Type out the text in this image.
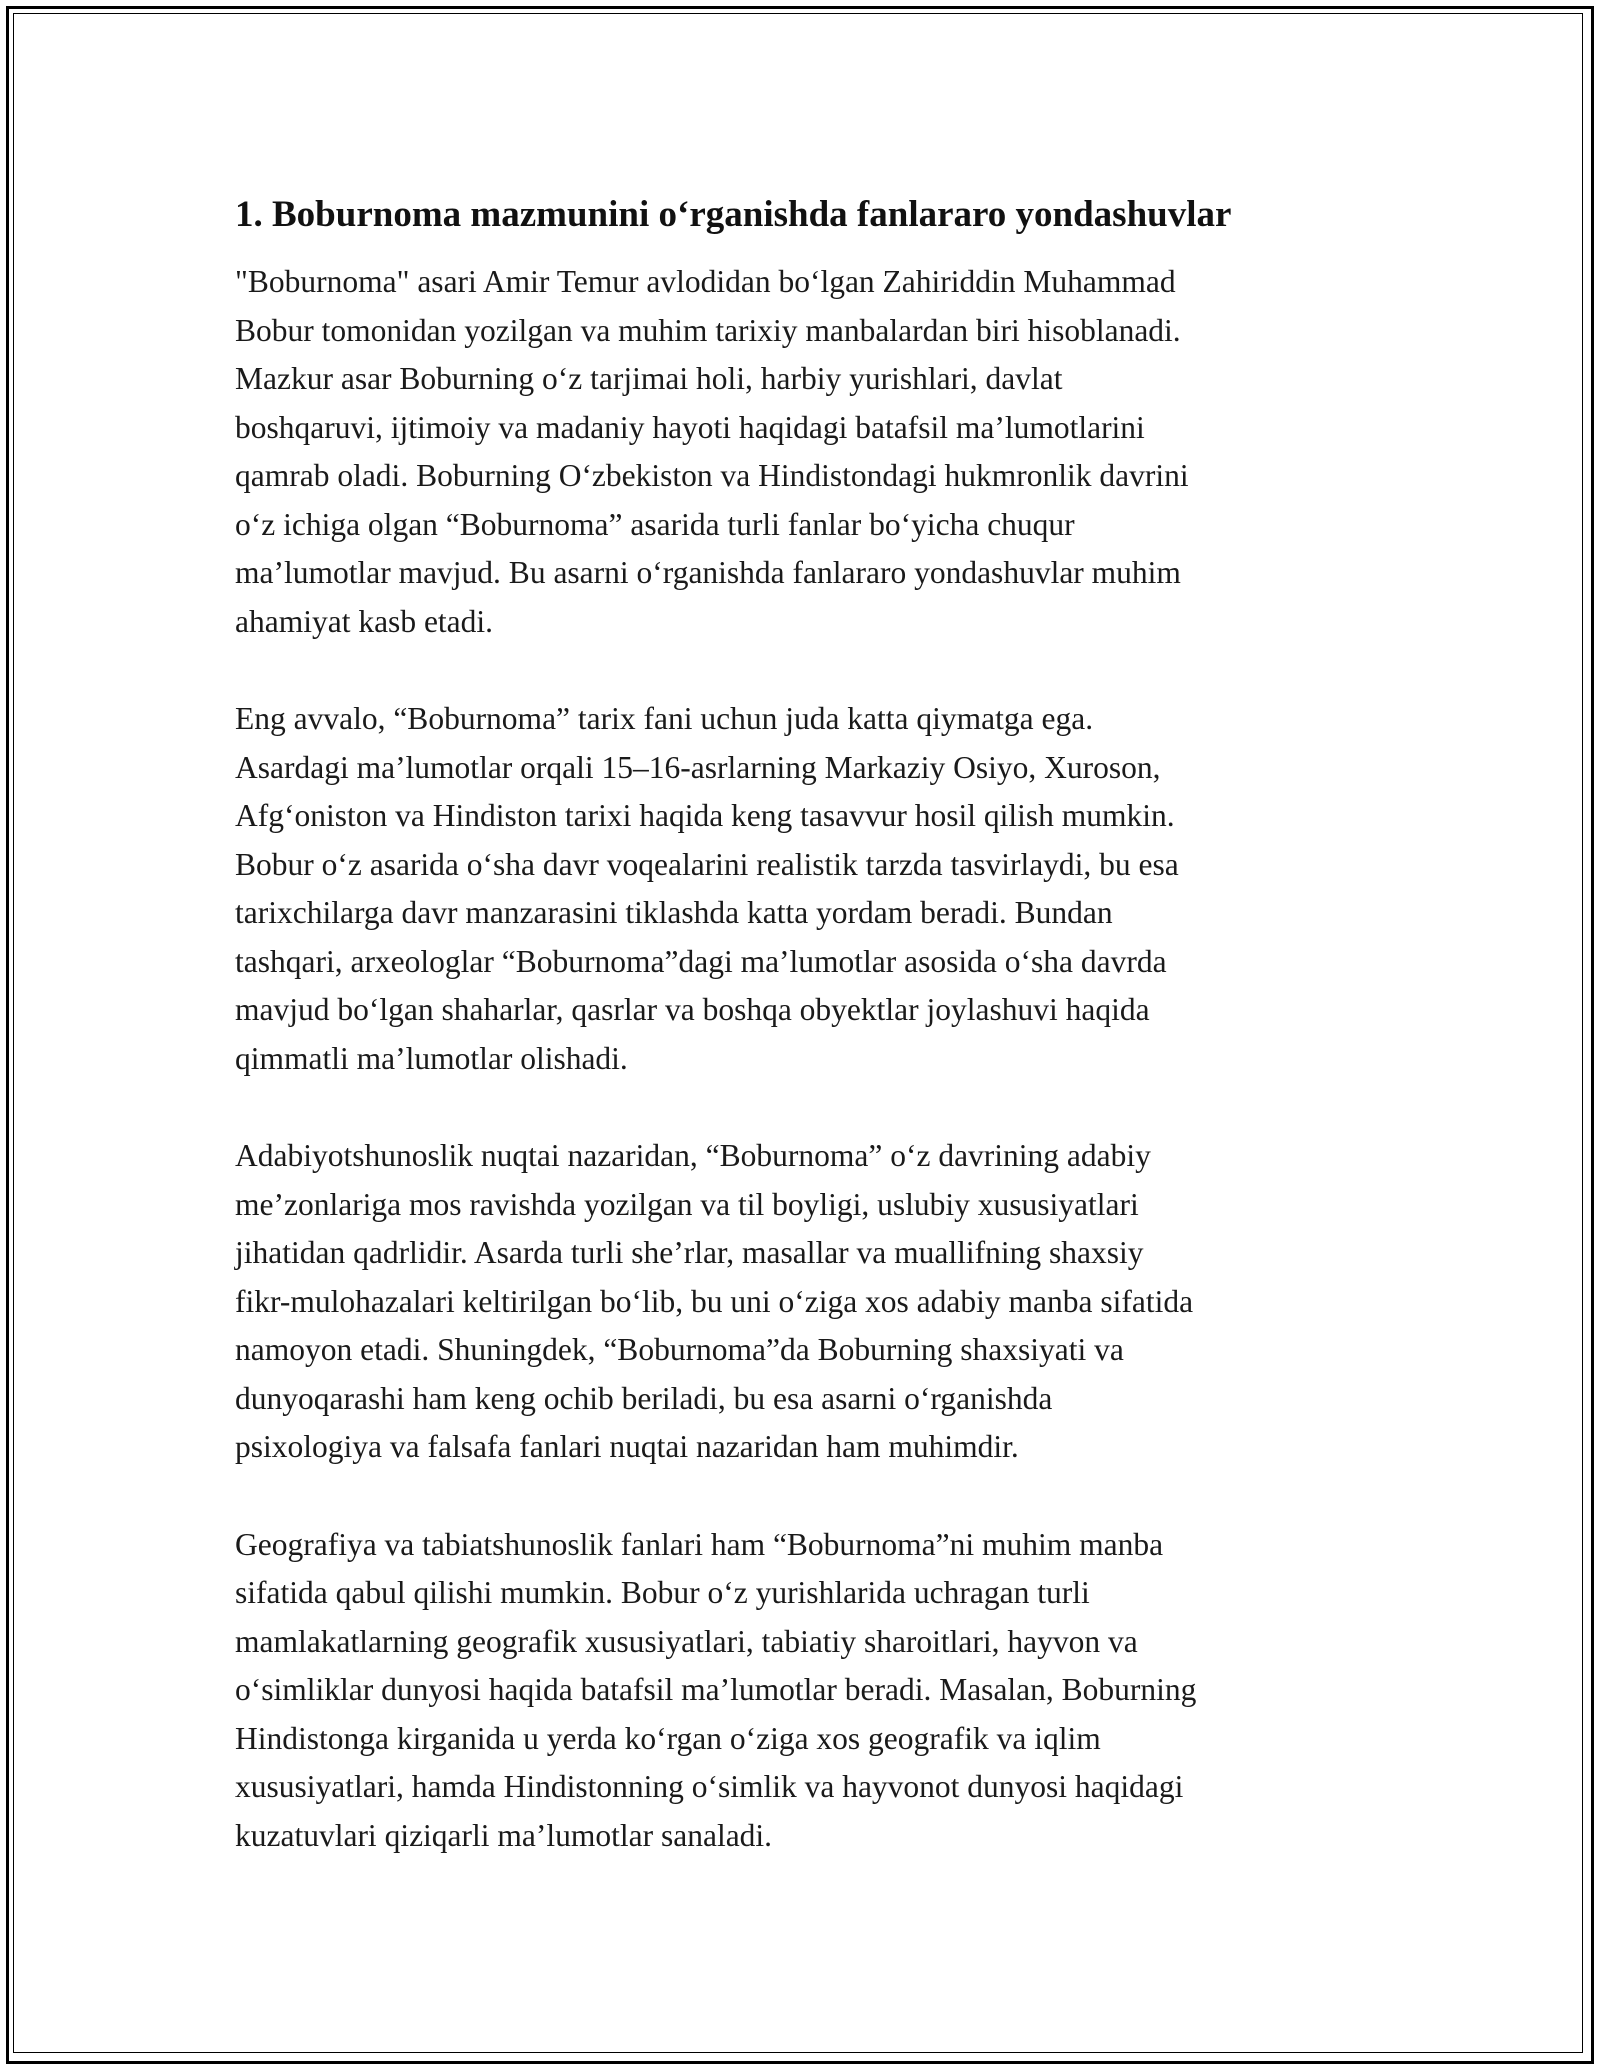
1. Boburnoma mazmunini o‘rganishda fanlararo yondashuvlar
"Boburnoma" asari Amir Temur avlodidan bo‘lgan Zahiriddin Muhammad
Bobur tomonidan yozilgan va muhim tarixiy manbalardan biri hisoblanadi.
Mazkur asar Boburning o‘z tarjimai holi, harbiy yurishlari, davlat
boshqaruvi, ijtimoiy va madaniy hayoti haqidagi batafsil ma’lumotlarini
qamrab oladi. Boburning O‘zbekiston va Hindistondagi hukmronlik davrini
o‘z ichiga olgan “Boburnoma” asarida turli fanlar bo‘yicha chuqur
ma’lumotlar mavjud. Bu asarni o‘rganishda fanlararo yondashuvlar muhim
ahamiyat kasb etadi.
Eng avvalo, “Boburnoma” tarix fani uchun juda katta qiymatga ega.
Asardagi ma’lumotlar orqali 15–16-asrlarning Markaziy Osiyo, Xuroson,
Afg‘oniston va Hindiston tarixi haqida keng tasavvur hosil qilish mumkin.
Bobur o‘z asarida o‘sha davr voqealarini realistik tarzda tasvirlaydi, bu esa
tarixchilarga davr manzarasini tiklashda katta yordam beradi. Bundan
tashqari, arxeologlar “Boburnoma”dagi ma’lumotlar asosida o‘sha davrda
mavjud bo‘lgan shaharlar, qasrlar va boshqa obyektlar joylashuvi haqida
qimmatli ma’lumotlar olishadi.
Adabiyotshunoslik nuqtai nazaridan, “Boburnoma” o‘z davrining adabiy
me’zonlariga mos ravishda yozilgan va til boyligi, uslubiy xususiyatlari
jihatidan qadrlidir. Asarda turli she’rlar, masallar va muallifning shaxsiy
fikr-mulohazalari keltirilgan bo‘lib, bu uni o‘ziga xos adabiy manba sifatida
namoyon etadi. Shuningdek, “Boburnoma”da Boburning shaxsiyati va
dunyoqarashi ham keng ochib beriladi, bu esa asarni o‘rganishda
psixologiya va falsafa fanlari nuqtai nazaridan ham muhimdir.
Geografiya va tabiatshunoslik fanlari ham “Boburnoma”ni muhim manba
sifatida qabul qilishi mumkin. Bobur o‘z yurishlarida uchragan turli
mamlakatlarning geografik xususiyatlari, tabiatiy sharoitlari, hayvon va
o‘simliklar dunyosi haqida batafsil ma’lumotlar beradi. Masalan, Boburning
Hindistonga kirganida u yerda ko‘rgan o‘ziga xos geografik va iqlim
xususiyatlari, hamda Hindistonning o‘simlik va hayvonot dunyosi haqidagi
kuzatuvlari qiziqarli ma’lumotlar sanaladi.
